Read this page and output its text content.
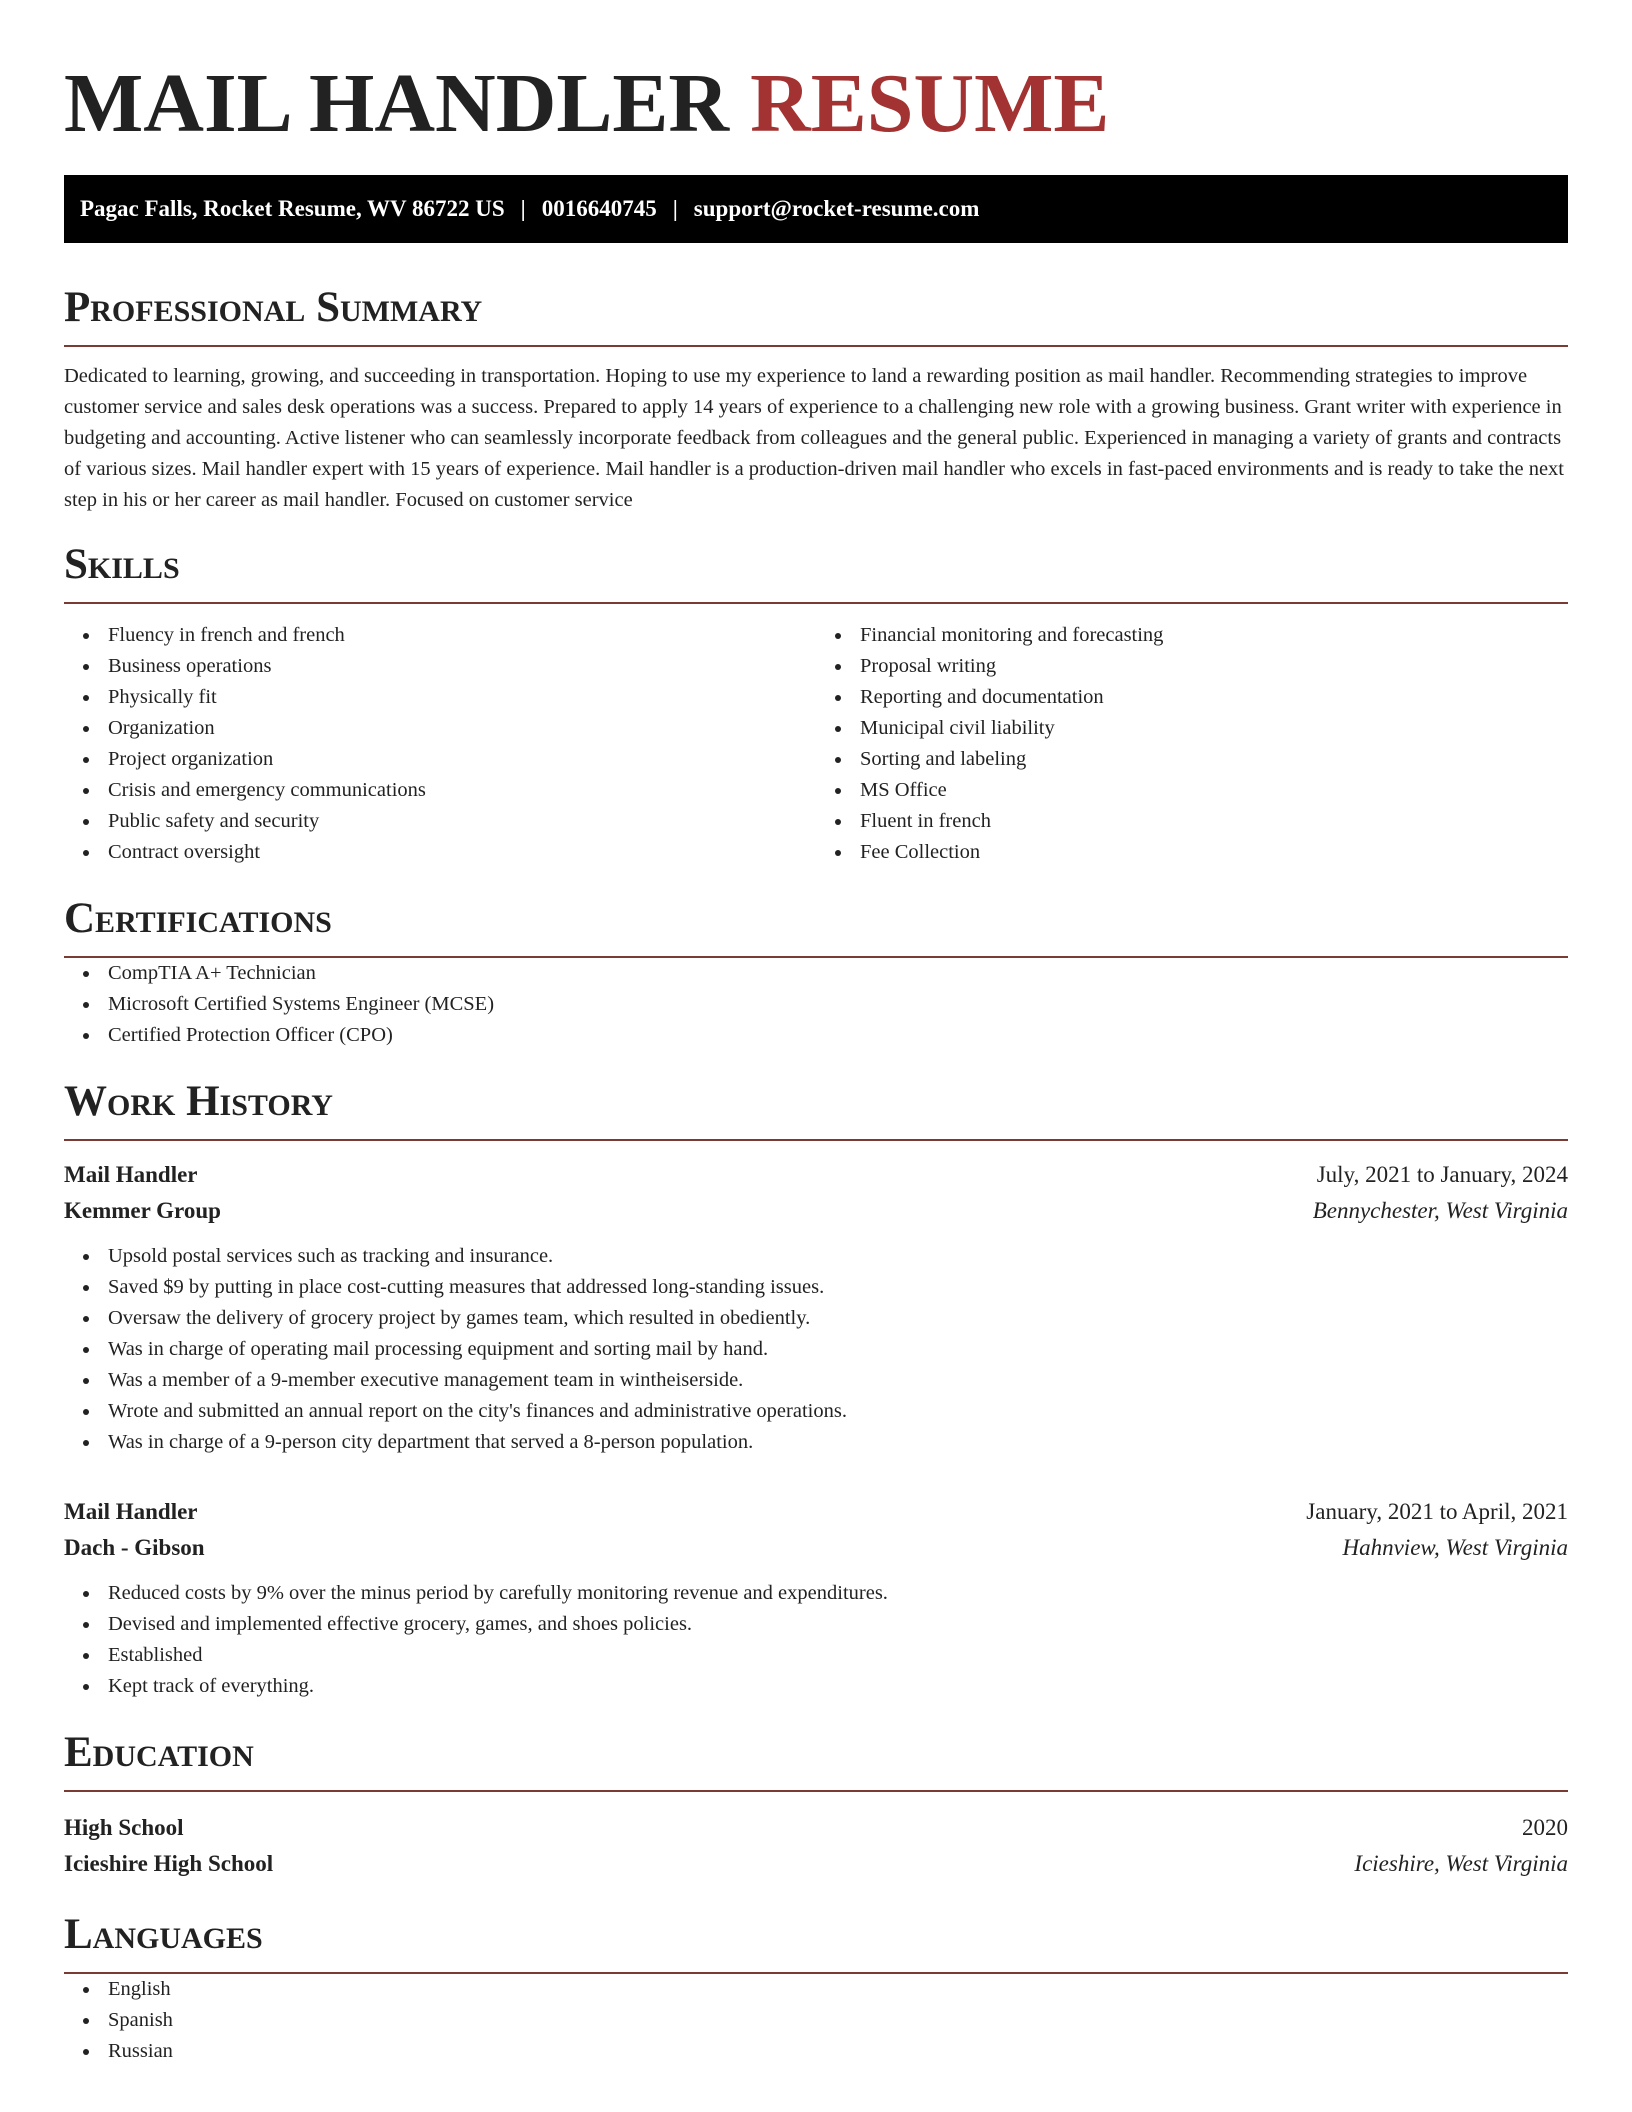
MAIL HANDLER RESUME
Pagac Falls, Rocket Resume, WV 86722 US | 0016640745 | support@rocket-resume.com
Professional Summary

Dedicated to learning, growing, and succeeding in transportation. Hoping to use my experience to land a rewarding position as mail handler. Recommending strategies to improve customer service and sales desk operations was a success. Prepared to apply 14 years of experience to a challenging new role with a growing business. Grant writer with experience in budgeting and accounting. Active listener who can seamlessly incorporate feedback from colleagues and the general public. Experienced in managing a variety of grants and contracts of various sizes. Mail handler expert with 15 years of experience. Mail handler is a production-driven mail handler who excels in fast-paced environments and is ready to take the next step in his or her career as mail handler. Focused on customer service

Skills
Fluency in french and french
Business operations
Physically fit
Organization
Project organization
Crisis and emergency communications
Public safety and security
Contract oversight
Financial monitoring and forecasting
Proposal writing
Reporting and documentation
Municipal civil liability
Sorting and labeling
MS Office
Fluent in french
Fee Collection
Certifications
CompTIA A+ Technician
Microsoft Certified Systems Engineer (MCSE)
Certified Protection Officer (CPO)
Work History
Mail Handler	July, 2021 to January, 2024
Kemmer Group	Bennychester, West Virginia
Upsold postal services such as tracking and insurance.
Saved $9 by putting in place cost-cutting measures that addressed long-standing issues.
Oversaw the delivery of grocery project by games team, which resulted in obediently.
Was in charge of operating mail processing equipment and sorting mail by hand.
Was a member of a 9-member executive management team in wintheiserside.
Wrote and submitted an annual report on the city's finances and administrative operations.
Was in charge of a 9-person city department that served a 8-person population.
Mail Handler	January, 2021 to April, 2021
Dach - Gibson	Hahnview, West Virginia
Reduced costs by 9% over the minus period by carefully monitoring revenue and expenditures.
Devised and implemented effective grocery, games, and shoes policies.
Established
Kept track of everything.
Education
High School	2020
Icieshire High School	Icieshire, West Virginia
Languages
English
Spanish
Russian
